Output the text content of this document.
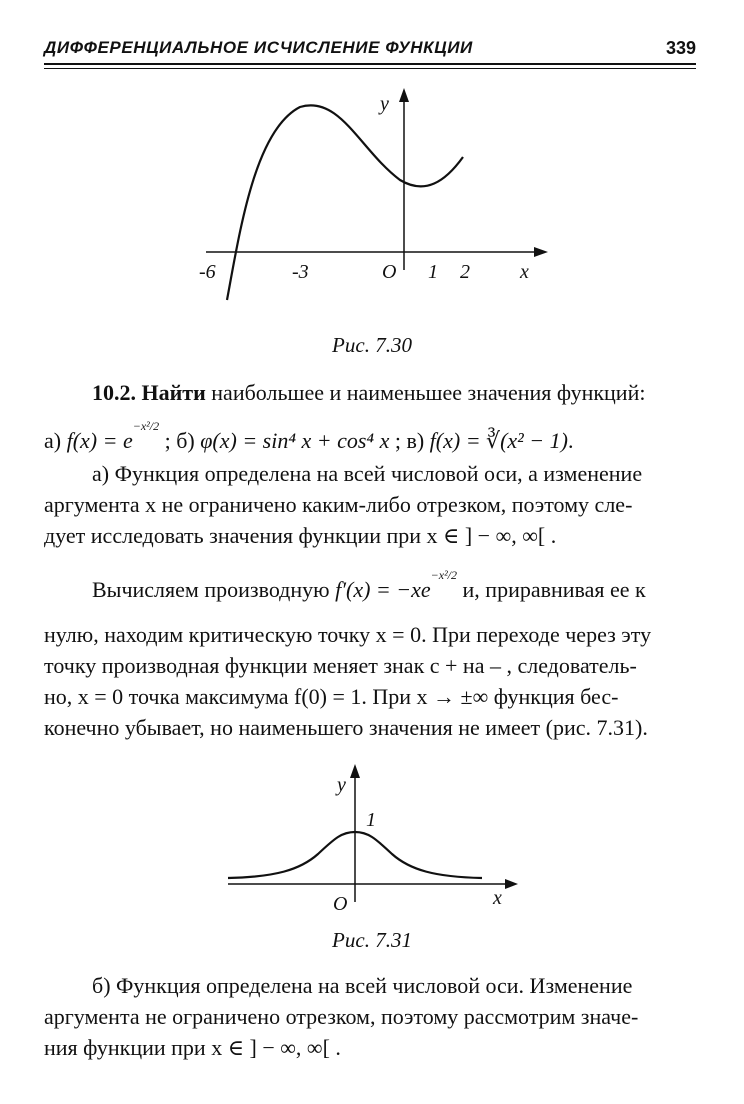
ДИФФЕРЕНЦИАЛЬНОЕ ИСЧИСЛЕНИЕ ФУНКЦИИ	339
y
-6	-3	O 1 2	x
Рис. 7.30
10.2. Найти наибольшее и наименьшее значения функций:
а) $f(x) = e^{-x^2/2}$ ; б) φ(x) = sin⁴ x + cos⁴ x ; в) f(x) = ∛(x² − 1).
а) Функция определена на всей числовой оси, а изменение
аргумента x не ограничено каким-либо отрезком, поэтому сле-
дует исследовать значения функции при x ∈ ] − ∞, ∞[ .
Вычисляем производную $f'(x) = -xe^{-x^2/2}$ и, приравнивая ее к
нулю, находим критическую точку x = 0. При переходе через эту
точку производная функции меняет знак с + на – , следователь-
но, x = 0 точка максимума f(0) = 1. При x → ±∞ функция бес-
конечно убывает, но наименьшего значения не имеет (рис. 7.31).
y
1
O	x
Рис. 7.31
б) Функция определена на всей числовой оси. Изменение
аргумента не ограничено отрезком, поэтому рассмотрим значе-
ния функции при x ∈ ] − ∞, ∞[ .
